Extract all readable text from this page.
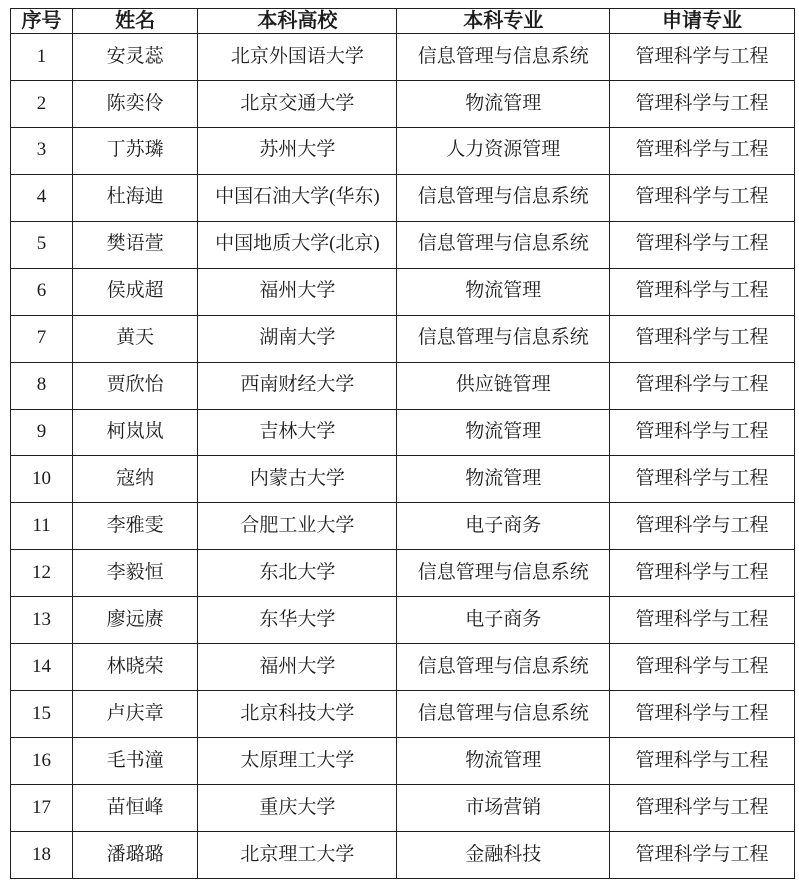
序号	姓名	本科高校	本科专业	申请专业
1	安灵蕊	北京外国语大学	信息管理与信息系统	管理科学与工程
2	陈奕伶	北京交通大学	物流管理	管理科学与工程
3	丁苏璘	苏州大学	人力资源管理	管理科学与工程
4	杜海迪	中国石油大学(华东)	信息管理与信息系统	管理科学与工程
5	樊语萱	中国地质大学(北京)	信息管理与信息系统	管理科学与工程
6	侯成超	福州大学	物流管理	管理科学与工程
7	黄天	湖南大学	信息管理与信息系统	管理科学与工程
8	贾欣怡	西南财经大学	供应链管理	管理科学与工程
9	柯岚岚	吉林大学	物流管理	管理科学与工程
10	寇纳	内蒙古大学	物流管理	管理科学与工程
11	李雅雯	合肥工业大学	电子商务	管理科学与工程
12	李毅恒	东北大学	信息管理与信息系统	管理科学与工程
13	廖远赓	东华大学	电子商务	管理科学与工程
14	林晓荣	福州大学	信息管理与信息系统	管理科学与工程
15	卢庆章	北京科技大学	信息管理与信息系统	管理科学与工程
16	毛书潼	太原理工大学	物流管理	管理科学与工程
17	苗恒峰	重庆大学	市场营销	管理科学与工程
18	潘璐璐	北京理工大学	金融科技	管理科学与工程
